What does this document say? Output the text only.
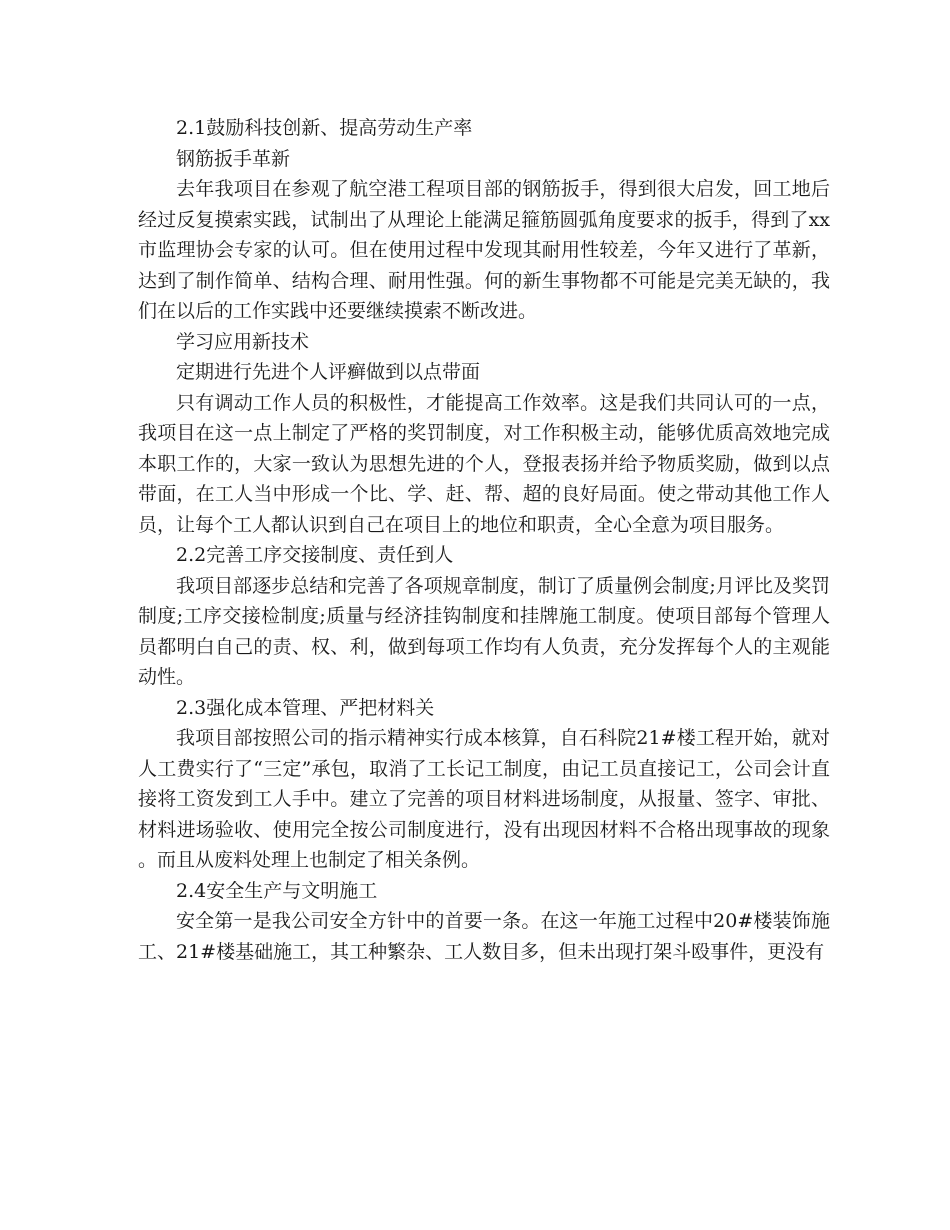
2.1鼓励科技创新、提高劳动生产率

钢筋扳手革新

去年我项目在参观了航空港工程项目部的钢筋扳手，得到很大启发，回工地后经过反复摸索实践，试制出了从理论上能满足箍筋圆弧角度要求的扳手，得到了xx市监理协会专家的认可。但在使用过程中发现其耐用性较差，今年又进行了革新，达到了制作简单、结构合理、耐用性强。何的新生事物都不可能是完美无缺的，我们在以后的工作实践中还要继续摸索不断改进。

学习应用新技术

定期进行先进个人评癣做到以点带面

只有调动工作人员的积极性，才能提高工作效率。这是我们共同认可的一点，我项目在这一点上制定了严格的奖罚制度，对工作积极主动，能够优质高效地完成本职工作的，大家一致认为思想先进的个人，登报表扬并给予物质奖励，做到以点带面，在工人当中形成一个比、学、赶、帮、超的良好局面。使之带动其他工作人员，让每个工人都认识到自己在项目上的地位和职责，全心全意为项目服务。

2.2完善工序交接制度、责任到人

我项目部逐步总结和完善了各项规章制度，制订了质量例会制度;月评比及奖罚制度;工序交接检制度;质量与经济挂钩制度和挂牌施工制度。使项目部每个管理人员都明白自己的责、权、利，做到每项工作均有人负责，充分发挥每个人的主观能动性。

2.3强化成本管理、严把材料关

我项目部按照公司的指示精神实行成本核算，自石科院21#楼工程开始，就对人工费实行了“三定”承包，取消了工长记工制度，由记工员直接记工，公司会计直接将工资发到工人手中。建立了完善的项目材料进场制度，从报量、签字、审批、材料进场验收、使用完全按公司制度进行，没有出现因材料不合格出现事故的现象。而且从废料处理上也制定了相关条例。

2.4安全生产与文明施工

安全第一是我公司安全方针中的首要一条。在这一年施工过程中20#楼装饰施工、21#楼基础施工，其工种繁杂、工人数目多，但未出现打架斗殴事件，更没有
